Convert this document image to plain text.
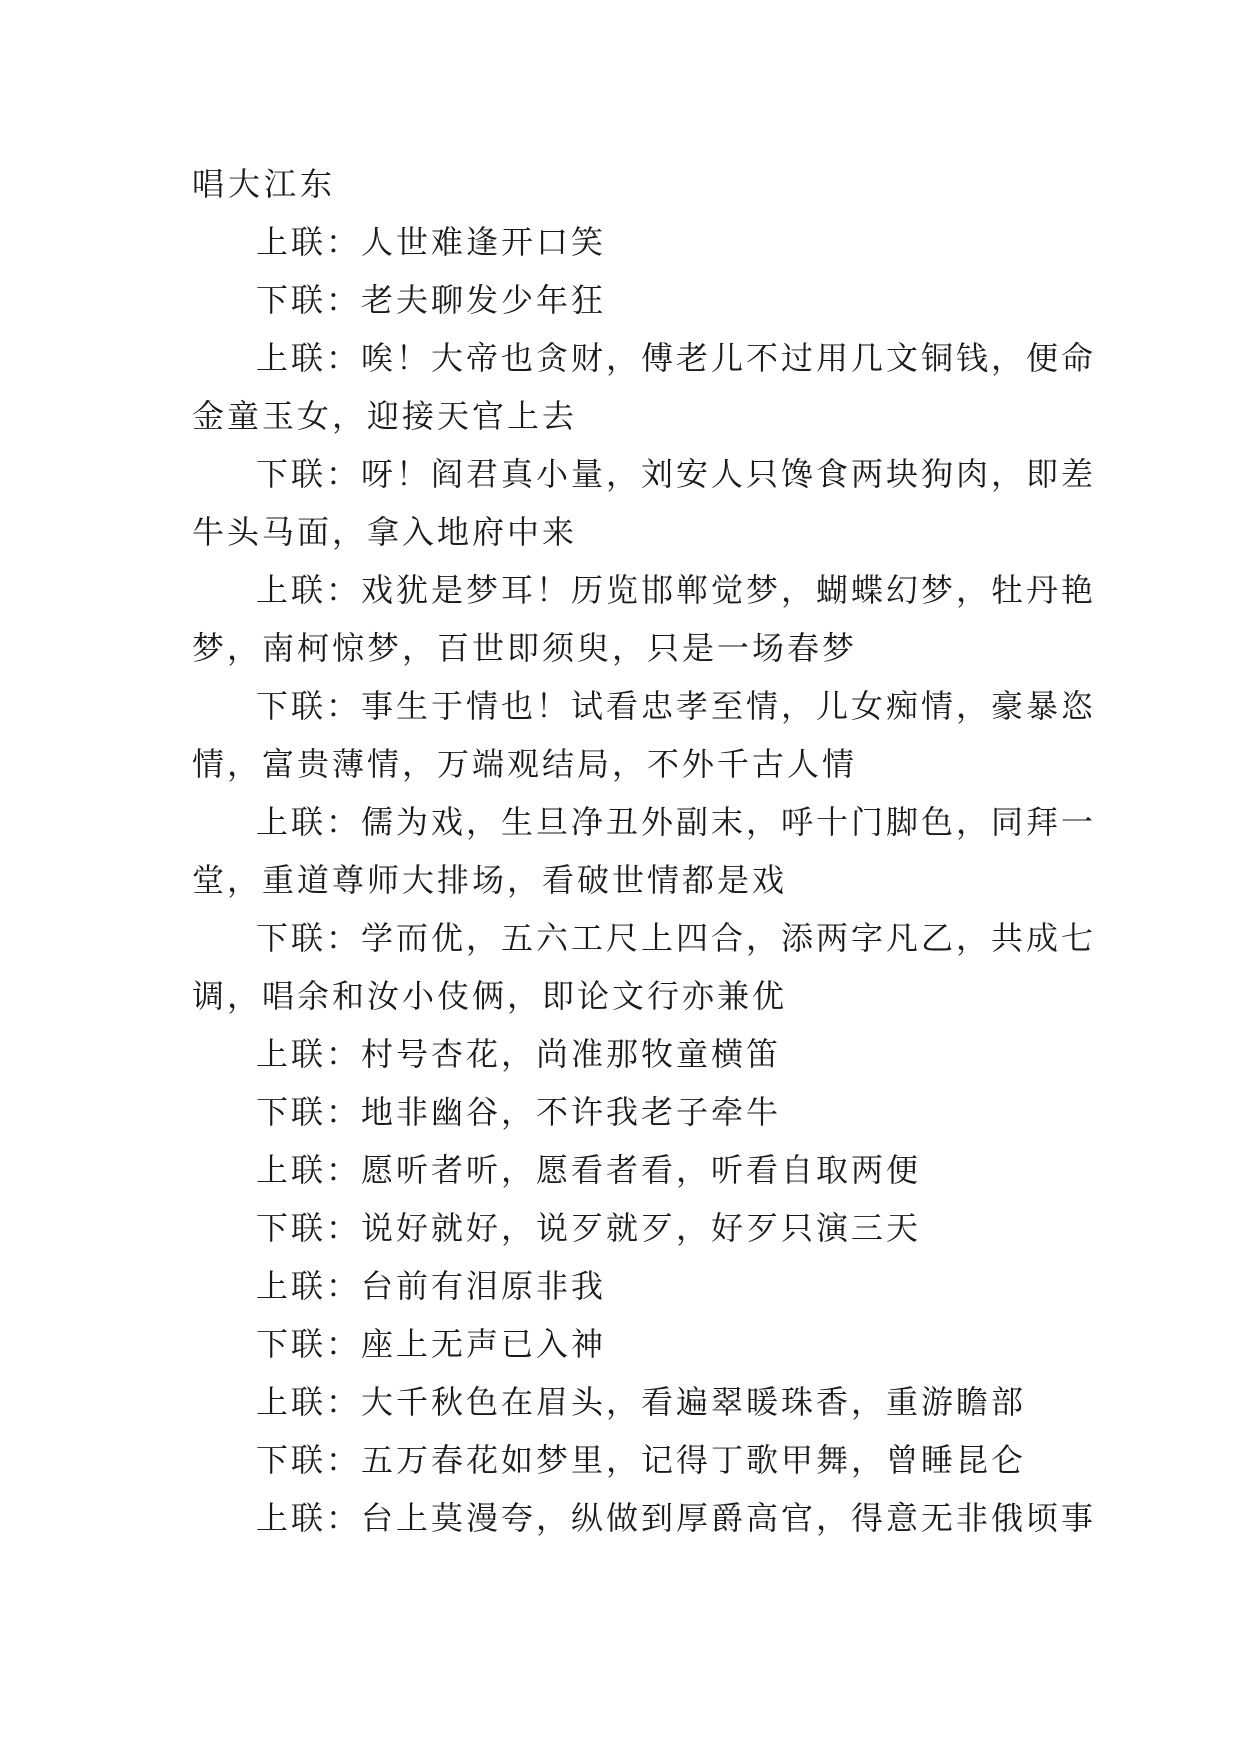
唱大江东

上联：人世难逢开口笑

下联：老夫聊发少年狂

上联：唉！大帝也贪财，傅老儿不过用几文铜钱，便命

金童玉女，迎接天官上去

下联：呀！阎君真小量，刘安人只馋食两块狗肉，即差

牛头马面，拿入地府中来

上联：戏犹是梦耳！历览邯郸觉梦，蝴蝶幻梦，牡丹艳

梦，南柯惊梦，百世即须臾，只是一场春梦

下联：事生于情也！试看忠孝至情，儿女痴情，豪暴恣

情，富贵薄情，万端观结局，不外千古人情

上联：儒为戏，生旦净丑外副末，呼十门脚色，同拜一

堂，重道尊师大排场，看破世情都是戏

下联：学而优，五六工尺上四合，添两字凡乙，共成七

调，唱余和汝小伎俩，即论文行亦兼优

上联：村号杏花，尚准那牧童横笛

下联：地非幽谷，不许我老子牵牛

上联：愿听者听，愿看者看，听看自取两便

下联：说好就好，说歹就歹，好歹只演三天

上联：台前有泪原非我

下联：座上无声已入神

上联：大千秋色在眉头，看遍翠暖珠香，重游瞻部

下联：五万春花如梦里，记得丁歌甲舞，曾睡昆仑

上联：台上莫漫夸，纵做到厚爵高官，得意无非俄顷事
